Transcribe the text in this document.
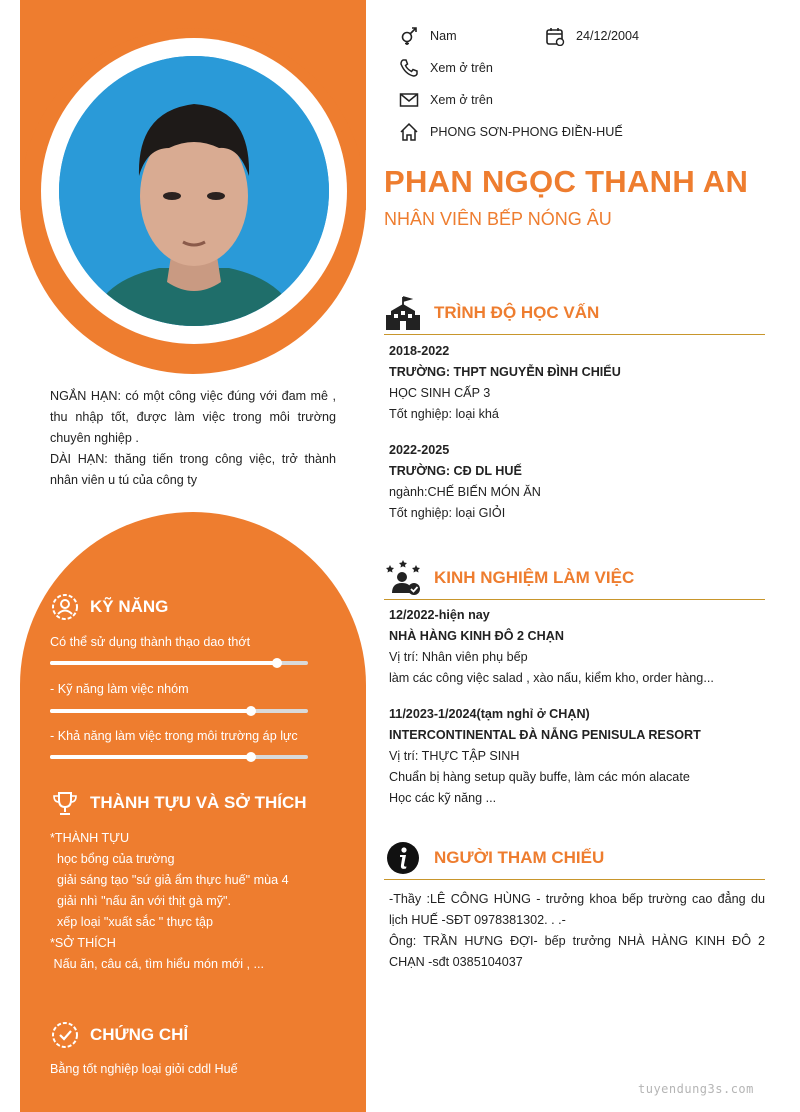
NGẮN HẠN: có một công việc đúng với đam mê , thu nhập tốt, được làm việc trong môi trường chuyên nghiệp .
DÀI HẠN: thăng tiến trong công việc, trở thành nhân viên u tú của công ty
KỸ NĂNG
Có thể sử dụng thành thạo dao thớt
- Kỹ năng làm việc nhóm
- Khả năng làm việc trong môi trường áp lực
THÀNH TỰU VÀ SỞ THÍCH
*THÀNH TỰU
học bổng của trường
giải sáng tạo "sứ giả ẩm thực huế" mùa 4
giải nhì "nấu ăn với thịt gà mỹ".
xếp loại "xuất sắc " thực tập
*SỞ THÍCH
Nấu ăn, câu cá, tìm hiểu món mới , ...
CHỨNG CHỈ
Bằng tốt nghiệp loại giỏi cddl Huế
Nam	24/12/2004
Xem ở trên
Xem ở trên
PHONG SƠN-PHONG ĐIỀN-HUẾ
PHAN NGỌC THANH AN
NHÂN VIÊN BẾP NÓNG ÂU
TRÌNH ĐỘ HỌC VẤN
2018-2022
TRƯỜNG: THPT NGUYỄN ĐÌNH CHIỂU
HỌC SINH CẤP 3
Tốt nghiệp: loại khá
2022-2025
TRƯỜNG: CĐ DL HUẾ
ngành:CHẾ BIẾN MÓN ĂN
Tốt nghiệp: loại GIỎI
KINH NGHIỆM LÀM VIỆC
12/2022-hiện nay
NHÀ HÀNG KINH ĐÔ 2 CHẠN
Vị trí: Nhân viên phụ bếp
làm các công việc salad , xào nấu, kiểm kho, order hàng...
11/2023-1/2024(tạm nghỉ ở CHẠN)
INTERCONTINENTAL ĐÀ NẴNG PENISULA RESORT
Vị trí: THỰC TẬP SINH
Chuẩn bị hàng setup quầy buffe, làm các món alacate
Học các kỹ năng ...
NGƯỜI THAM CHIẾU
-Thầy :LÊ CÔNG HÙNG - trưởng khoa bếp trường cao đẳng du lịch HUẾ -SĐT 0978381302. . .-
Ông: TRẦN HƯNG ĐỢI- bếp trưởng NHÀ HÀNG KINH ĐÔ 2 CHẠN -sđt 0385104037
tuyendung3s.com
